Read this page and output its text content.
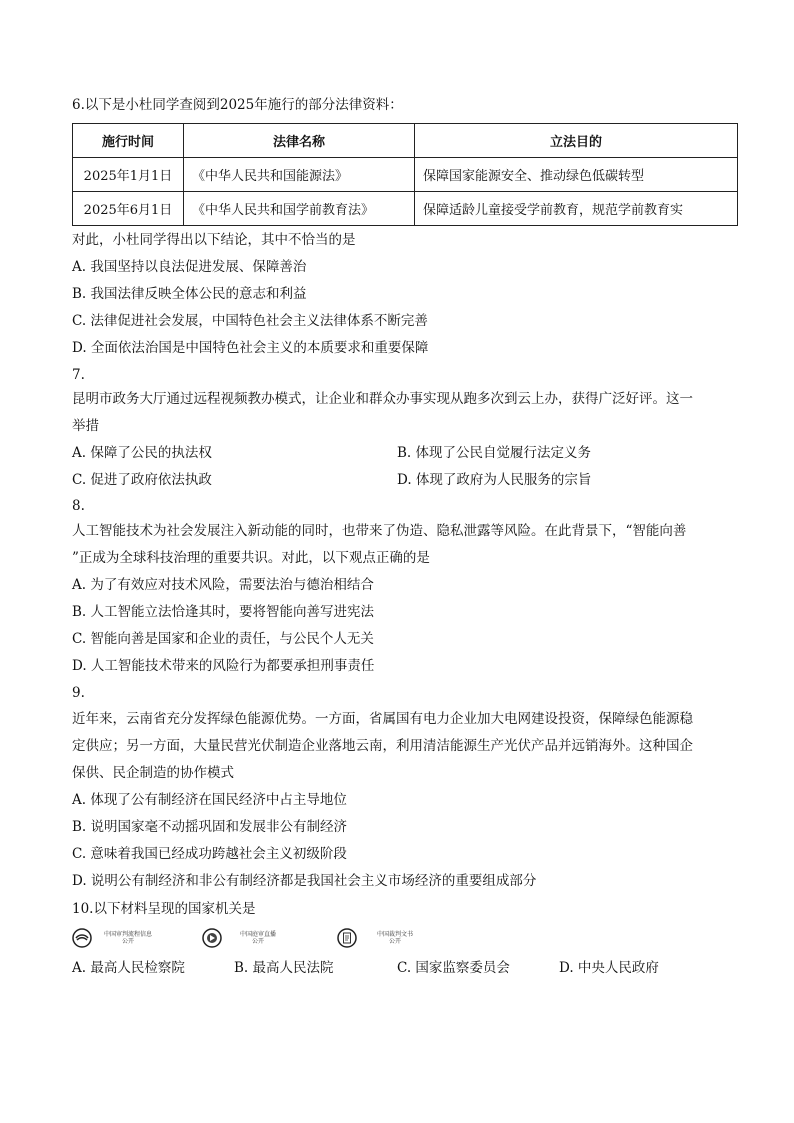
6.以下是小杜同学查阅到2025年施行的部分法律资料：
施行时间	法律名称	立法目的
2025年1月1日	《中华人民共和国能源法》	保障国家能源安全、推动绿色低碳转型
2025年6月1日	《中华人民共和国学前教育法》	保障适龄儿童接受学前教育，规范学前教育实
对此，小杜同学得出以下结论，其中不恰当的是
A. 我国坚持以良法促进发展、保障善治
B. 我国法律反映全体公民的意志和利益
C. 法律促进社会发展，中国特色社会主义法律体系不断完善
D. 全面依法治国是中国特色社会主义的本质要求和重要保障
7.
昆明市政务大厅通过远程视频教办模式，让企业和群众办事实现从跑多次到云上办，获得广泛好评。这一
举措
A. 保障了公民的执法权	B. 体现了公民自觉履行法定义务
C. 促进了政府依法执政	D. 体现了政府为人民服务的宗旨
8.
人工智能技术为社会发展注入新动能的同时，也带来了伪造、隐私泄露等风险。在此背景下，“智能向善
”正成为全球科技治理的重要共识。对此，以下观点正确的是
A. 为了有效应对技术风险，需要法治与德治相结合
B. 人工智能立法恰逢其时，要将智能向善写进宪法
C. 智能向善是国家和企业的责任，与公民个人无关
D. 人工智能技术带来的风险行为都要承担刑事责任
9.
近年来，云南省充分发挥绿色能源优势。一方面，省属国有电力企业加大电网建设投资，保障绿色能源稳
定供应；另一方面，大量民营光伏制造企业落地云南，利用清洁能源生产光伏产品并远销海外。这种国企
保供、民企制造的协作模式
A. 体现了公有制经济在国民经济中占主导地位
B. 说明国家毫不动摇巩固和发展非公有制经济
C. 意味着我国已经成功跨越社会主义初级阶段
D. 说明公有制经济和非公有制经济都是我国社会主义市场经济的重要组成部分
10.以下材料呈现的国家机关是
中国审判流程信息
公开
中国庭审直播
公开
中国裁判文书
公开
A. 最高人民检察院	B. 最高人民法院	C. 国家监察委员会	D. 中央人民政府
